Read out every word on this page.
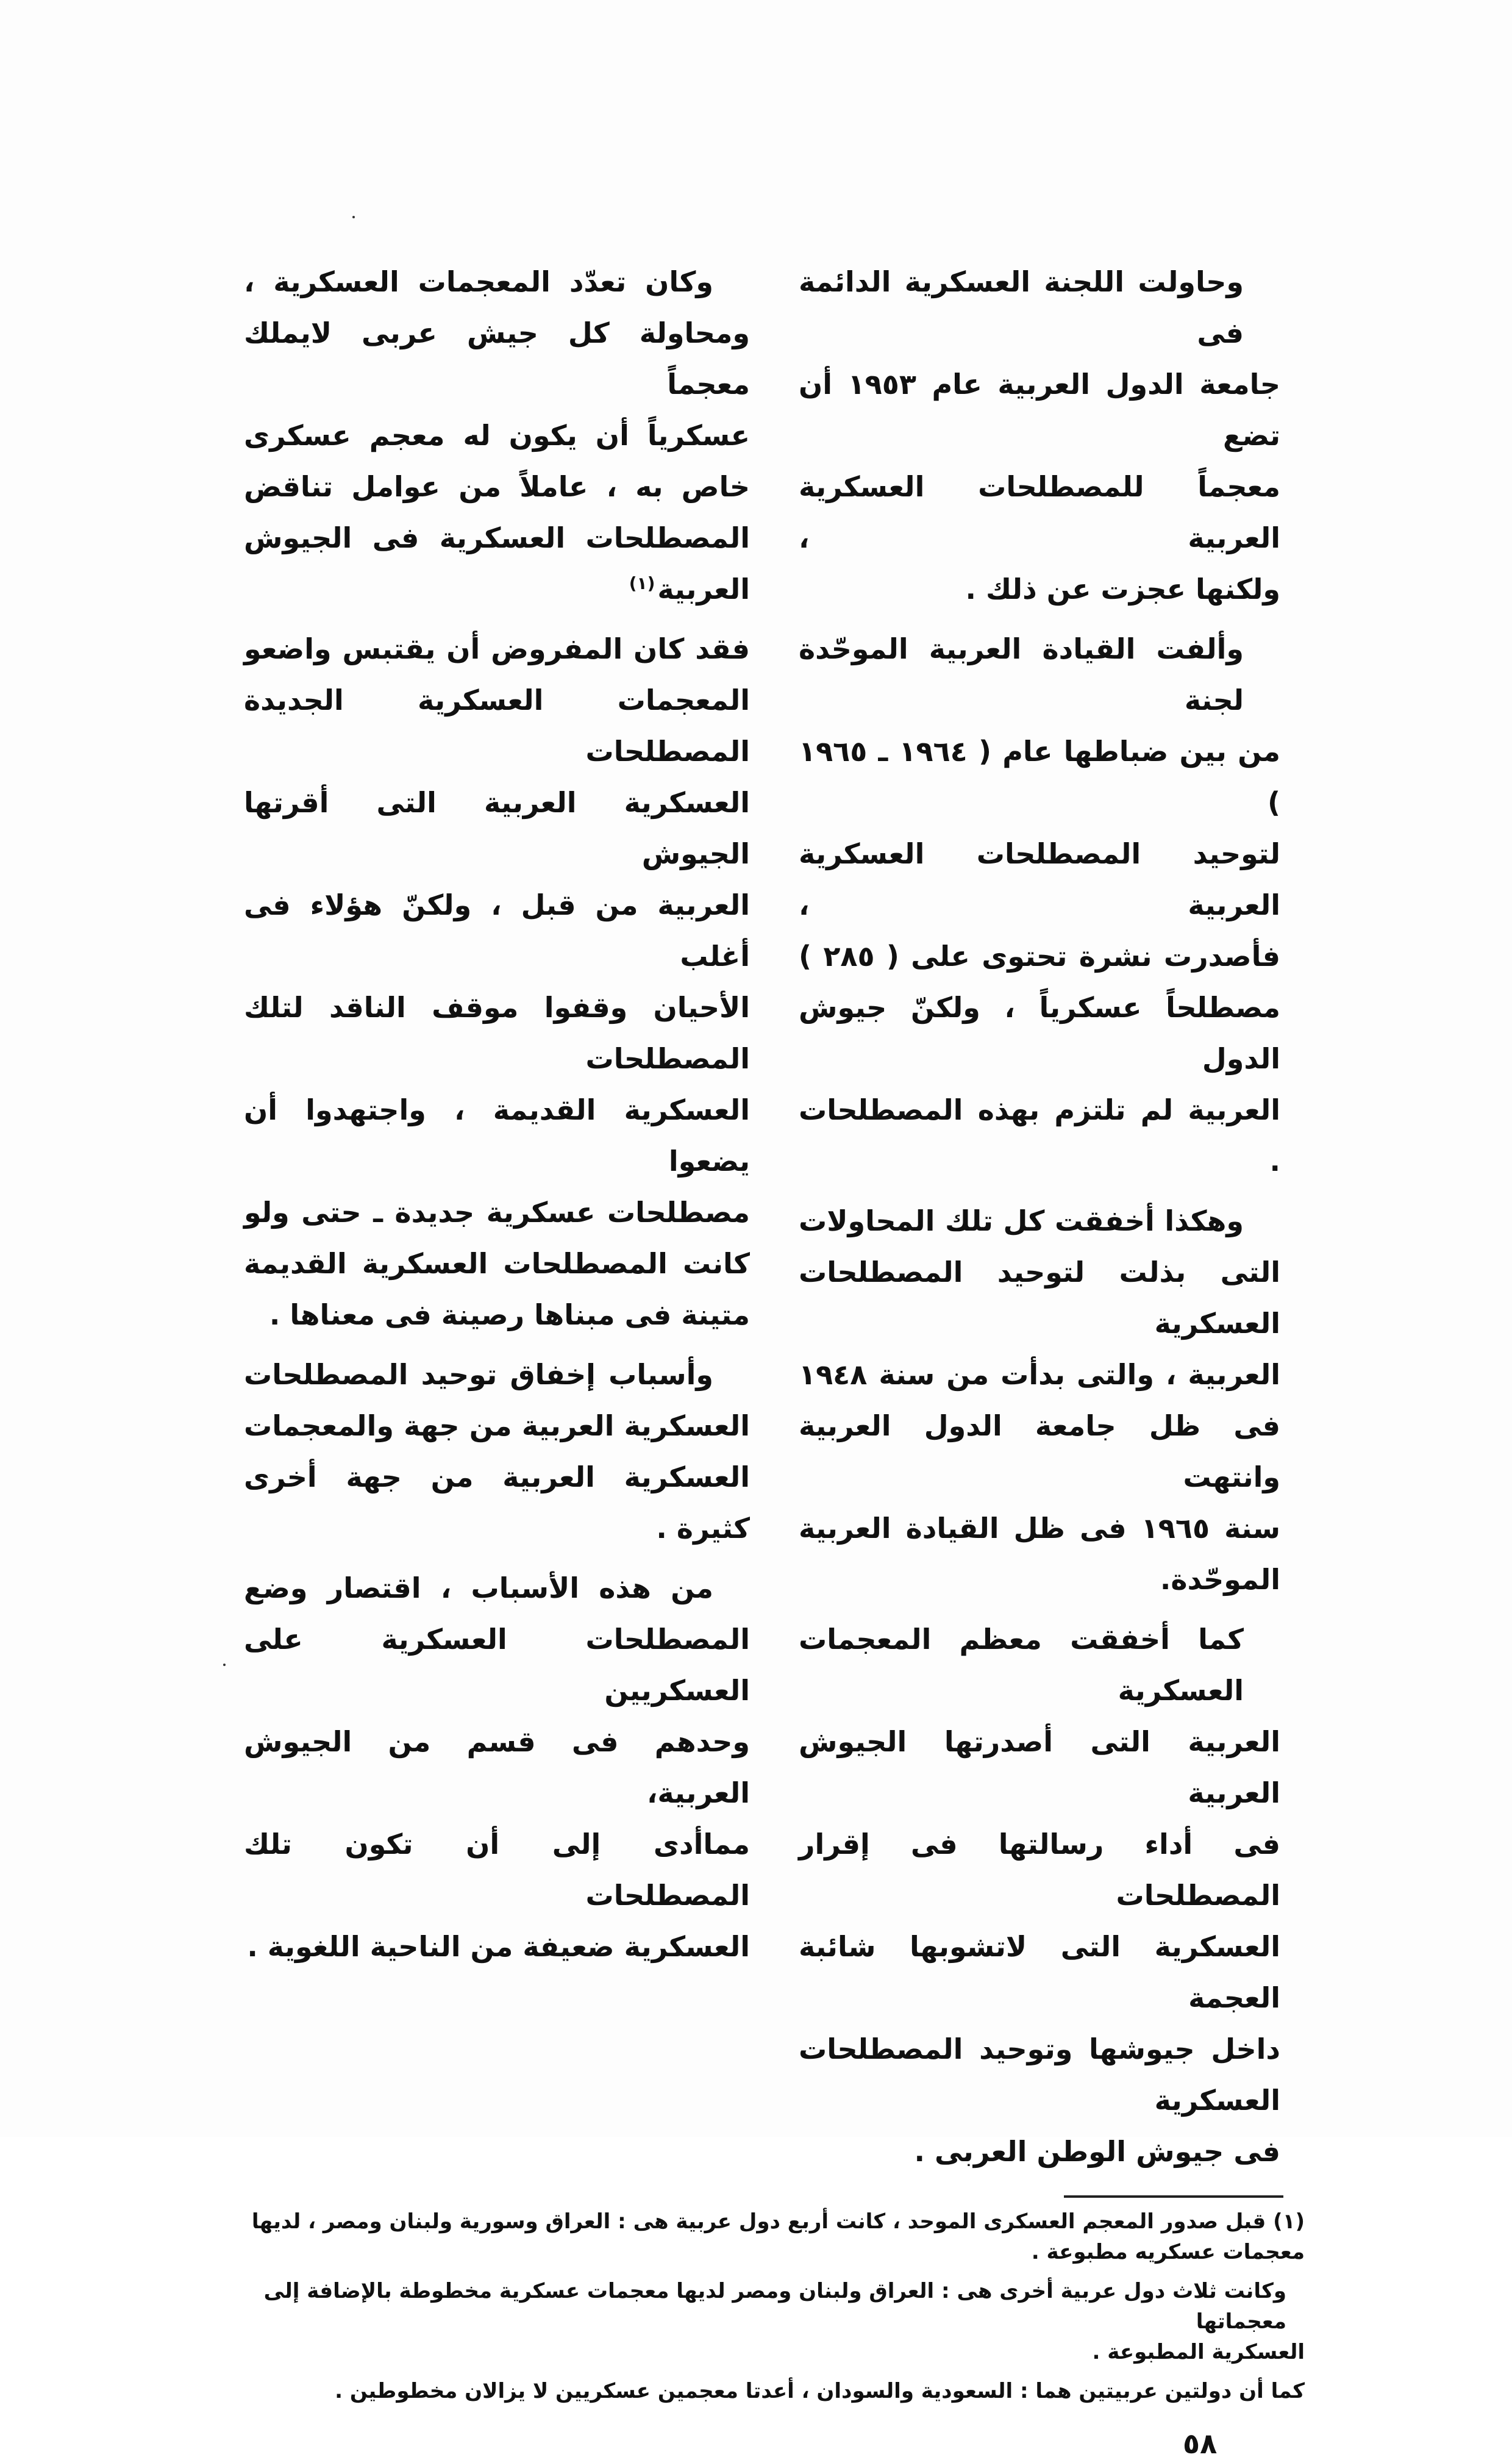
وحاولت اللجنة العسكرية الدائمة فى
جامعة الدول العربية عام ١٩٥٣ أن تضع
معجماً للمصطلحات العسكرية العربية ،
ولكنها عجزت عن ذلك .
وألفت القيادة العربية الموحّدة لجنة
من بين ضباطها عام ( ١٩٦٤ ـ ١٩٦٥ )
لتوحيد المصطلحات العسكرية العربية ،
فأصدرت نشرة تحتوى على ( ٢٨٥ )
مصطلحاً عسكرياً ، ولكنّ جيوش الدول
العربية لم تلتزم بهذه المصطلحات .
وهكذا أخفقت كل تلك المحاولات
التى بذلت لتوحيد المصطلحات العسكرية
العربية ، والتى بدأت من سنة ١٩٤٨
فى ظل جامعة الدول العربية وانتهت
سنة ١٩٦٥ فى ظل القيادة العربية الموحّدة.
كما أخفقت معظم المعجمات العسكرية
العربية التى أصدرتها الجيوش العربية
فى أداء رسالتها فى إقرار المصطلحات
العسكرية التى لاتشوبها شائبة العجمة
داخل جيوشها وتوحيد المصطلحات العسكرية
فى جيوش الوطن العربى .
وكان تعدّد المعجمات العسكرية ،
ومحاولة كل جيش عربى لايملك معجماً
عسكرياً أن يكون له معجم عسكرى
خاص به ، عاملاً من عوامل تناقض
المصطلحات العسكرية فى الجيوش العربية$^{(١)}$
فقد كان المفروض أن يقتبس واضعو
المعجمات العسكرية الجديدة المصطلحات
العسكرية العربية التى أقرتها الجيوش
العربية من قبل ، ولكنّ هؤلاء فى أغلب
الأحيان وقفوا موقف الناقد لتلك المصطلحات
العسكرية القديمة ، واجتهدوا أن يضعوا
مصطلحات عسكرية جديدة ـ حتى ولو
كانت المصطلحات العسكرية القديمة
متينة فى مبناها رصينة فى معناها .
وأسباب إخفاق توحيد المصطلحات
العسكرية العربية من جهة والمعجمات
العسكرية العربية من جهة أخرى كثيرة .
من هذه الأسباب ، اقتصار وضع
المصطلحات العسكرية على العسكريين
وحدهم فى قسم من الجيوش العربية،
مماأدى إلى أن تكون تلك المصطلحات
العسكرية ضعيفة من الناحية اللغوية .
(١) قبل صدور المعجم العسكرى الموحد ، كانت أربع دول عربية هى : العراق وسورية ولبنان ومصر ، لديها
معجمات عسكريه مطبوعة .
وكانت ثلاث دول عربية أخرى هى : العراق ولبنان ومصر لديها معجمات عسكرية مخطوطة بالإضافة إلى معجماتها
العسكرية المطبوعة .
كما أن دولتين عربيتين هما : السعودية والسودان ، أعدتا معجمين عسكريين لا يزالان مخطوطين .
٥٨
